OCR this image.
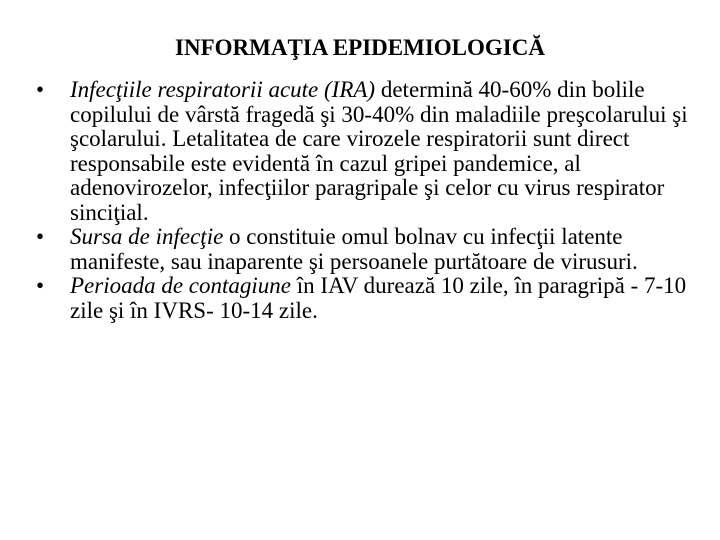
INFORMAŢIA EPIDEMIOLOGICĂ
• Infecţiile respiratorii acute (IRA) determină 40-60% din bolile copilului de vârstă fragedă şi 30-40% din maladiile preşcolarului şi şcolarului. Letalitatea de care virozele respiratorii sunt direct responsabile este evidentă în cazul gripei pandemice, al adenovirozelor, infecţiilor paragripale şi celor cu virus respirator sinciţial.
• Sursa de infecţie o constituie omul bolnav cu infecţii latente manifeste, sau inaparente şi persoanele purtătoare de virusuri.
• Perioada de contagiune în IAV durează 10 zile, în paragripă - 7-10 zile şi în IVRS- 10-14 zile.
